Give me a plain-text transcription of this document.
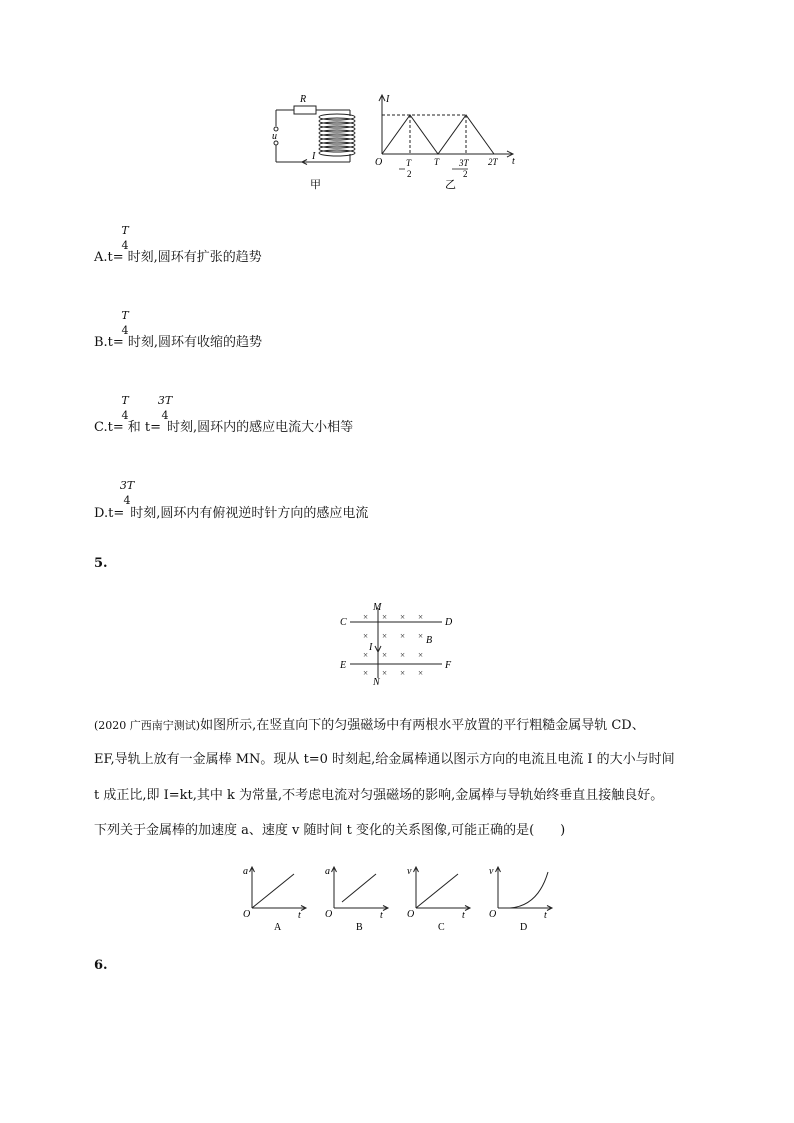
R
u
I
甲
I
O	T
2
T 3T
2
2T t
乙
T
4
A.t= 时刻,圆环有扩张的趋势
T
4
B.t= 时刻,圆环有收缩的趋势
T
4
3T
4
C.t= 和 t= 时刻,圆环内的感应电流大小相等
3T
4
D.t= 时刻,圆环内有俯视逆时针方向的感应电流
5.
C	D
E	F
M
N
B
I
× × × ×
× × × ×
× × × ×
× × × ×
(2020 广西南宁测试)如图所示,在竖直向下的匀强磁场中有两根水平放置的平行粗糙金属导轨 CD、
EF,导轨上放有一金属棒 MN。现从 t=0 时刻起,给金属棒通以图示方向的电流且电流 I 的大小与时间
t 成正比,即 I=kt,其中 k 为常量,不考虑电流对匀强磁场的影响,金属棒与导轨始终垂直且接触良好。
下列关于金属棒的加速度 a、速度 v 随时间 t 变化的关系图像,可能正确的是(　　)
a
O	t
A
a
O	t
B
v
O	t
C
v
O	t
D
6.
